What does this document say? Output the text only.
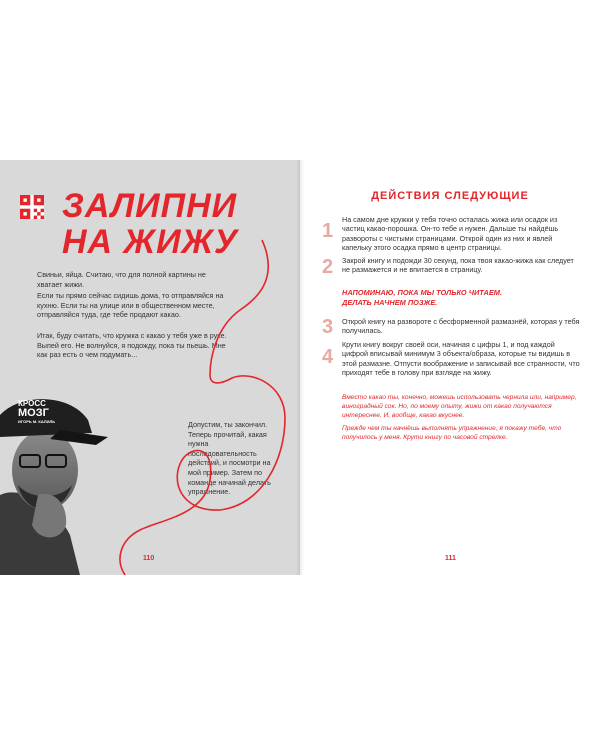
ЗАЛИПНИ
НА ЖИЖУ

Свиньи, яйца. Считаю, что для полной картины не хватает жижи.

Если ты прямо сейчас сидишь дома, то отправляйся на кухню. Если ты на улице или в общественном месте, отправляйся туда, где тебе продают какао.

Итак, буду считать, что кружка с какао у тебя уже в руке. Выпей его. Не волнуйся, я подожду, пока ты пьешь. Мне как раз есть о чем подумать...

Допустим, ты закончил. Теперь прочитай, какая нужна последовательность действий, и посмотри на мой пример. Затем по команде начинай делать упражнение.

КРОСС
МОЗГ
ИГОРЬ М. КАЛИЛЬ
110
ДЕЙСТВИЯ СЛЕДУЮЩИЕ
1

На самом дне кружки у тебя точно осталась жижа или осадок из частиц какао-порошка. Он-то тебе и нужен. Дальше ты найдёшь развороты с чистыми страницами. Открой один из них и явлей капельку этого осадка прямо в центр страницы.

2 Закрой книгу и подожди 30 секунд, пока твоя какао-жижа как следует не размажется и не впитается в страницу.

НАПОМИНАЮ, ПОКА МЫ ТОЛЬКО ЧИТАЕМ.
ДЕЛАТЬ НАЧНЕМ ПОЗЖЕ.
3 Открой книгу на развороте с бесформенной размазнёй, которая у тебя получилась.

4

Крути книгу вокруг своей оси, начиная с цифры 1, и под каждой цифрой вписывай минимум 3 объекта/образа, которые ты видишь в этой размазне. Отпусти воображение и записывай все странности, что приходят тебе в голову при взгляде на жижу.

Вместо какао ты, конечно, можешь использовать чернила или, например, виноградный сок. Но, по моему опыту, жижи от какао получаются интереснее. И, вообще, какао вкуснее.

Прежде чем ты начнёшь выполнять упражнение, я покажу тебе, что получилось у меня. Крути книгу по часовой стрелке.

111
